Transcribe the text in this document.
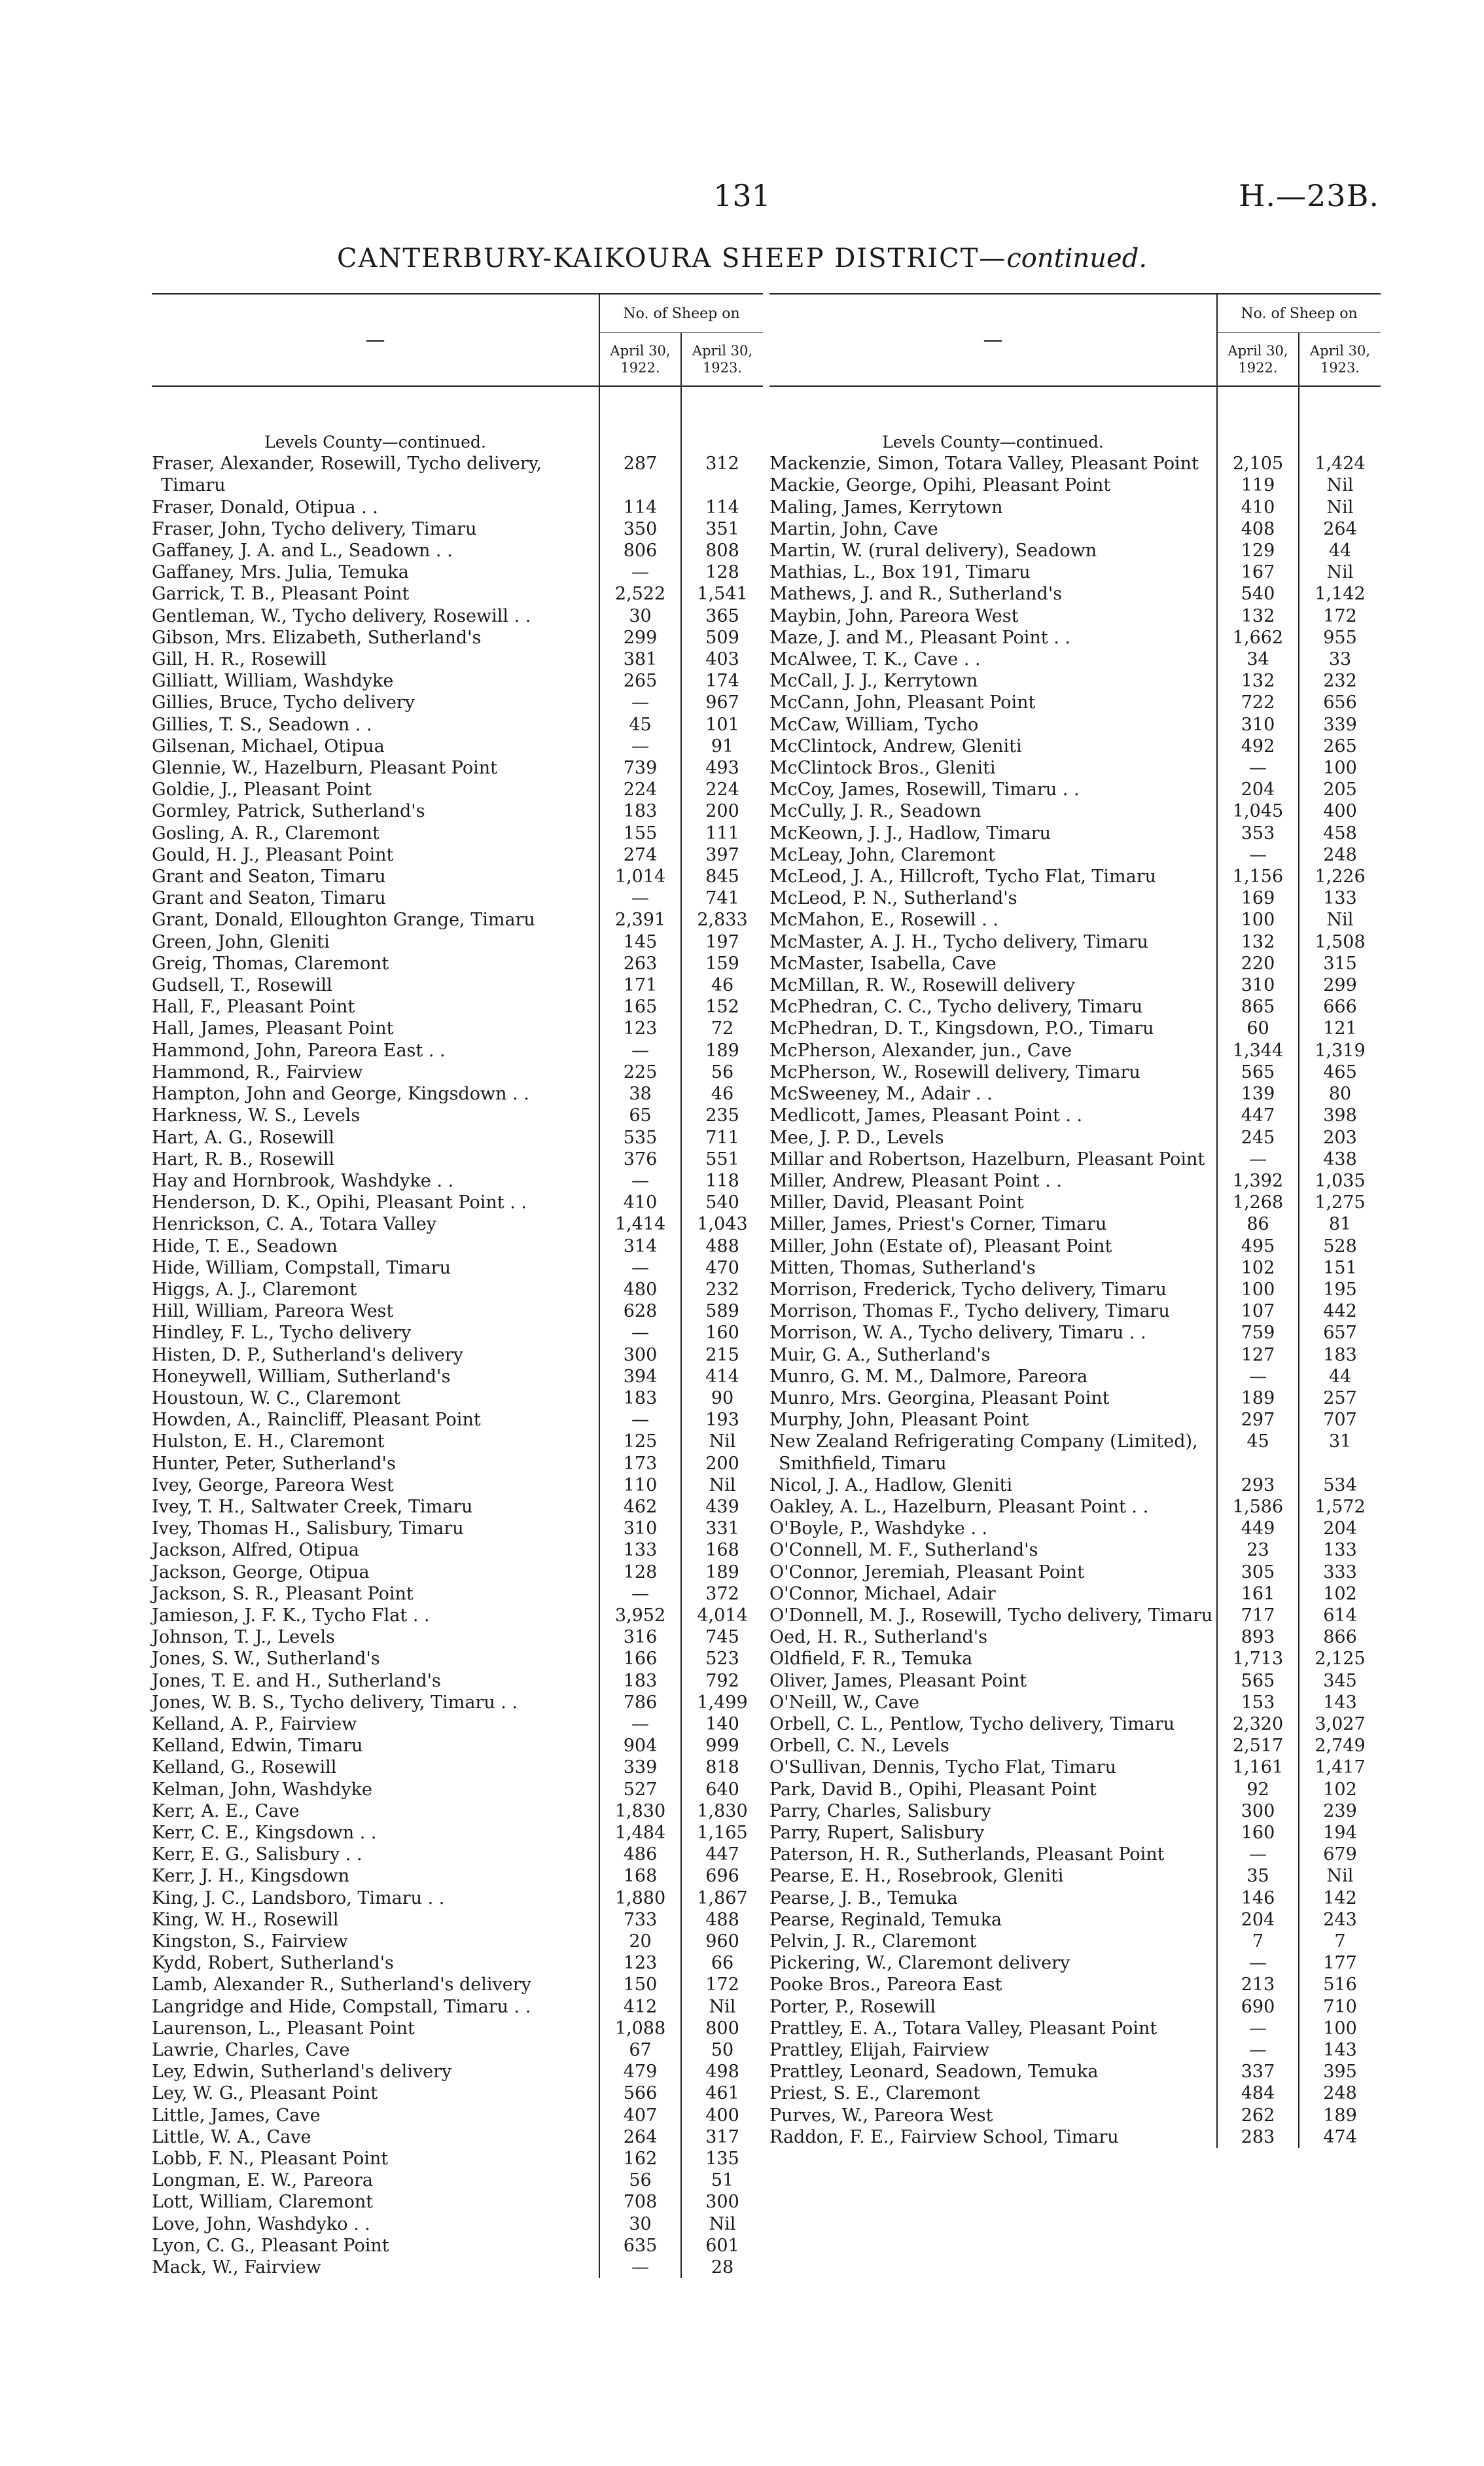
131	H.—23B.
CANTERBURY-KAIKOURA SHEEP DISTRICT—continued.
—	No. of Sheep on	
	April 30, 1922.	April 30, 1923.

Levels County—continued.		
Fraser, Alexander, Rosewill, Tycho delivery, Timaru	287	312
Fraser, Donald, Otipua . .	114	114
Fraser, John, Tycho delivery, Timaru	350	351
Gaffaney, J. A. and L., Seadown . .	806	808
Gaffaney, Mrs. Julia, Temuka	—	128
Garrick, T. B., Pleasant Point	2,522	1,541
Gentleman, W., Tycho delivery, Rosewill . .	30	365
Gibson, Mrs. Elizabeth, Sutherland's	299	509
Gill, H. R., Rosewill	381	403
Gilliatt, William, Washdyke	265	174
Gillies, Bruce, Tycho delivery	—	967
Gillies, T. S., Seadown . .	45	101
Gilsenan, Michael, Otipua	—	91
Glennie, W., Hazelburn, Pleasant Point	739	493
Goldie, J., Pleasant Point	224	224
Gormley, Patrick, Sutherland's	183	200
Gosling, A. R., Claremont	155	111
Gould, H. J., Pleasant Point	274	397
Grant and Seaton, Timaru	1,014	845
Grant and Seaton, Timaru	—	741
Grant, Donald, Elloughton Grange, Timaru	2,391	2,833
Green, John, Gleniti	145	197
Greig, Thomas, Claremont	263	159
Gudsell, T., Rosewill	171	46
Hall, F., Pleasant Point	165	152
Hall, James, Pleasant Point	123	72
Hammond, John, Pareora East . .	—	189
Hammond, R., Fairview	225	56
Hampton, John and George, Kingsdown . .	38	46
Harkness, W. S., Levels	65	235
Hart, A. G., Rosewill	535	711
Hart, R. B., Rosewill	376	551
Hay and Hornbrook, Washdyke . .	—	118
Henderson, D. K., Opihi, Pleasant Point . .	410	540
Henrickson, C. A., Totara Valley	1,414	1,043
Hide, T. E., Seadown	314	488
Hide, William, Compstall, Timaru	—	470
Higgs, A. J., Claremont	480	232
Hill, William, Pareora West	628	589
Hindley, F. L., Tycho delivery	—	160
Histen, D. P., Sutherland's delivery	300	215
Honeywell, William, Sutherland's	394	414
Houstoun, W. C., Claremont	183	90
Howden, A., Raincliff, Pleasant Point	—	193
Hulston, E. H., Claremont	125	Nil
Hunter, Peter, Sutherland's	173	200
Ivey, George, Pareora West	110	Nil
Ivey, T. H., Saltwater Creek, Timaru	462	439
Ivey, Thomas H., Salisbury, Timaru	310	331
Jackson, Alfred, Otipua	133	168
Jackson, George, Otipua	128	189
Jackson, S. R., Pleasant Point	—	372
Jamieson, J. F. K., Tycho Flat . .	3,952	4,014
Johnson, T. J., Levels	316	745
Jones, S. W., Sutherland's	166	523
Jones, T. E. and H., Sutherland's	183	792
Jones, W. B. S., Tycho delivery, Timaru . .	786	1,499
Kelland, A. P., Fairview	—	140
Kelland, Edwin, Timaru	904	999
Kelland, G., Rosewill	339	818
Kelman, John, Washdyke	527	640
Kerr, A. E., Cave	1,830	1,830
Kerr, C. E., Kingsdown . .	1,484	1,165
Kerr, E. G., Salisbury . .	486	447
Kerr, J. H., Kingsdown	168	696
King, J. C., Landsboro, Timaru . .	1,880	1,867
King, W. H., Rosewill	733	488
Kingston, S., Fairview	20	960
Kydd, Robert, Sutherland's	123	66
Lamb, Alexander R., Sutherland's delivery	150	172
Langridge and Hide, Compstall, Timaru . .	412	Nil
Laurenson, L., Pleasant Point	1,088	800
Lawrie, Charles, Cave	67	50
Ley, Edwin, Sutherland's delivery	479	498
Ley, W. G., Pleasant Point	566	461
Little, James, Cave	407	400
Little, W. A., Cave	264	317
Lobb, F. N., Pleasant Point	162	135
Longman, E. W., Pareora	56	51
Lott, William, Claremont	708	300
Love, John, Washdyko . .	30	Nil
Lyon, C. G., Pleasant Point	635	601
Mack, W., Fairview	—	28
—	No. of Sheep on	
	April 30, 1922.	April 30, 1923.

Levels County—continued.		
Mackenzie, Simon, Totara Valley, Pleasant Point	2,105	1,424
Mackie, George, Opihi, Pleasant Point	119	Nil
Maling, James, Kerrytown	410	Nil
Martin, John, Cave	408	264
Martin, W. (rural delivery), Seadown	129	44
Mathias, L., Box 191, Timaru	167	Nil
Mathews, J. and R., Sutherland's	540	1,142
Maybin, John, Pareora West	132	172
Maze, J. and M., Pleasant Point . .	1,662	955
McAlwee, T. K., Cave . .	34	33
McCall, J. J., Kerrytown	132	232
McCann, John, Pleasant Point	722	656
McCaw, William, Tycho	310	339
McClintock, Andrew, Gleniti	492	265
McClintock Bros., Gleniti	—	100
McCoy, James, Rosewill, Timaru . .	204	205
McCully, J. R., Seadown	1,045	400
McKeown, J. J., Hadlow, Timaru	353	458
McLeay, John, Claremont	—	248
McLeod, J. A., Hillcroft, Tycho Flat, Timaru	1,156	1,226
McLeod, P. N., Sutherland's	169	133
McMahon, E., Rosewill . .	100	Nil
McMaster, A. J. H., Tycho delivery, Timaru	132	1,508
McMaster, Isabella, Cave	220	315
McMillan, R. W., Rosewill delivery	310	299
McPhedran, C. C., Tycho delivery, Timaru	865	666
McPhedran, D. T., Kingsdown, P.O., Timaru	60	121
McPherson, Alexander, jun., Cave	1,344	1,319
McPherson, W., Rosewill delivery, Timaru	565	465
McSweeney, M., Adair . .	139	80
Medlicott, James, Pleasant Point . .	447	398
Mee, J. P. D., Levels	245	203
Millar and Robertson, Hazelburn, Pleasant Point	—	438
Miller, Andrew, Pleasant Point . .	1,392	1,035
Miller, David, Pleasant Point	1,268	1,275
Miller, James, Priest's Corner, Timaru	86	81
Miller, John (Estate of), Pleasant Point	495	528
Mitten, Thomas, Sutherland's	102	151
Morrison, Frederick, Tycho delivery, Timaru	100	195
Morrison, Thomas F., Tycho delivery, Timaru	107	442
Morrison, W. A., Tycho delivery, Timaru . .	759	657
Muir, G. A., Sutherland's	127	183
Munro, G. M. M., Dalmore, Pareora	—	44
Munro, Mrs. Georgina, Pleasant Point	189	257
Murphy, John, Pleasant Point	297	707
New Zealand Refrigerating Company (Limited), Smithfield, Timaru	45	31
Nicol, J. A., Hadlow, Gleniti	293	534
Oakley, A. L., Hazelburn, Pleasant Point . .	1,586	1,572
O'Boyle, P., Washdyke . .	449	204
O'Connell, M. F., Sutherland's	23	133
O'Connor, Jeremiah, Pleasant Point	305	333
O'Connor, Michael, Adair	161	102
O'Donnell, M. J., Rosewill, Tycho delivery, Timaru	717	614
Oed, H. R., Sutherland's	893	866
Oldfield, F. R., Temuka	1,713	2,125
Oliver, James, Pleasant Point	565	345
O'Neill, W., Cave	153	143
Orbell, C. L., Pentlow, Tycho delivery, Timaru	2,320	3,027
Orbell, C. N., Levels	2,517	2,749
O'Sullivan, Dennis, Tycho Flat, Timaru	1,161	1,417
Park, David B., Opihi, Pleasant Point	92	102
Parry, Charles, Salisbury	300	239
Parry, Rupert, Salisbury	160	194
Paterson, H. R., Sutherlands, Pleasant Point	—	679
Pearse, E. H., Rosebrook, Gleniti	35	Nil
Pearse, J. B., Temuka	146	142
Pearse, Reginald, Temuka	204	243
Pelvin, J. R., Claremont	7	7
Pickering, W., Claremont delivery	—	177
Pooke Bros., Pareora East	213	516
Porter, P., Rosewill	690	710
Prattley, E. A., Totara Valley, Pleasant Point	—	100
Prattley, Elijah, Fairview	—	143
Prattley, Leonard, Seadown, Temuka	337	395
Priest, S. E., Claremont	484	248
Purves, W., Pareora West	262	189
Raddon, F. E., Fairview School, Timaru	283	474
